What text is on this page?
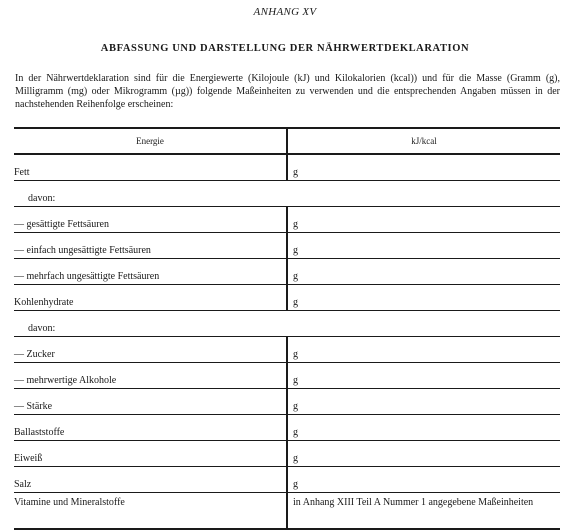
ANHANG XV
ABFASSUNG UND DARSTELLUNG DER NÄHRWERTDEKLARATION
In der Nährwertdeklaration sind für die Energiewerte (Kilojoule (kJ) und Kilokalorien (kcal)) und für die Masse (Gramm (g), Milligramm (mg) oder Mikrogramm (µg)) folgende Maßeinheiten zu verwenden und die entsprechenden Angaben müssen in der nachstehenden Reihenfolge erscheinen:
Energie	kJ/kcal
Fett	g
davon:	
— gesättigte Fettsäuren	g
— einfach ungesättigte Fettsäuren	g
— mehrfach ungesättigte Fettsäuren	g
Kohlenhydrate	g
davon:	
— Zucker	g
— mehrwertige Alkohole	g
— Stärke	g
Ballaststoffe	g
Eiweiß	g
Salz	g
Vitamine und Mineralstoffe	in Anhang XIII Teil A Nummer 1 angegebene Maßeinheiten
